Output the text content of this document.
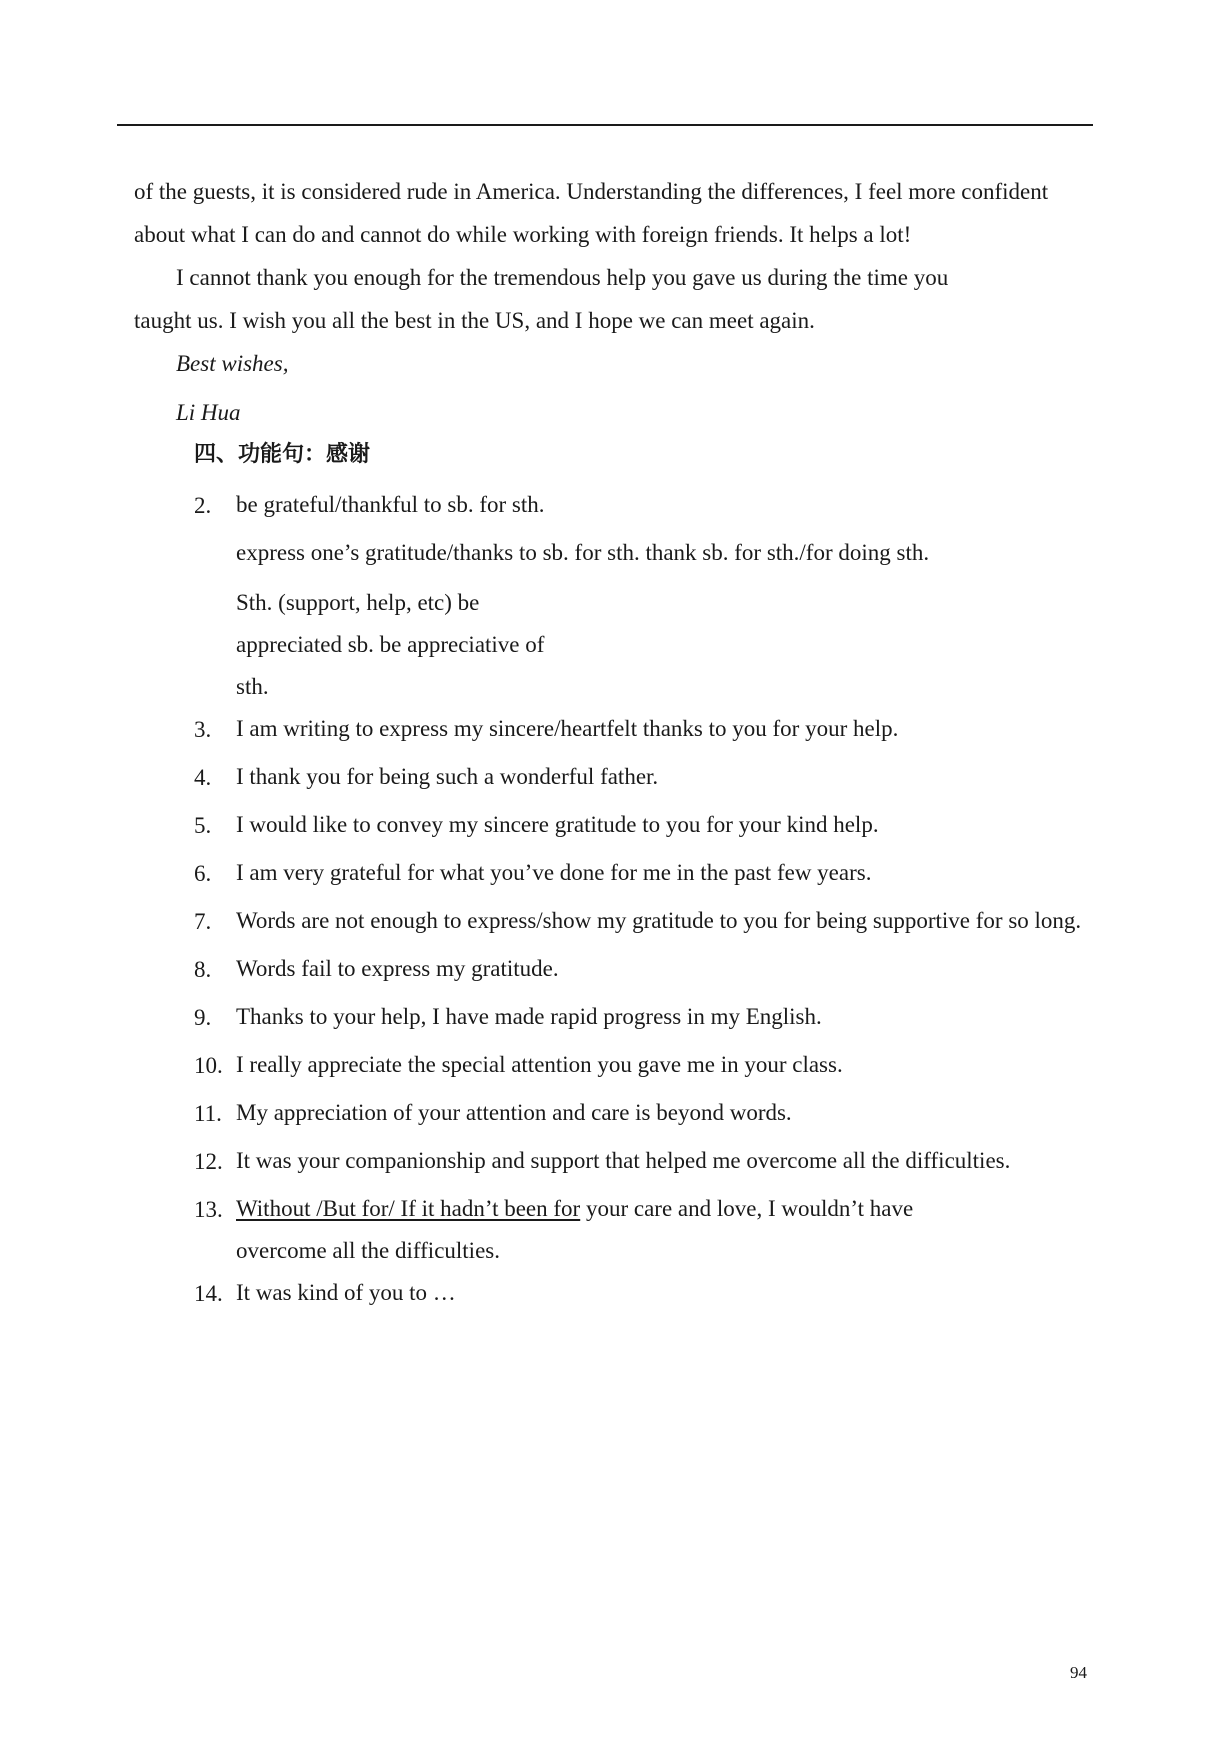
of the guests, it is considered rude in America. Understanding the differences, I feel more confident
about what I can do and cannot do while working with foreign friends. It helps a lot!
I cannot thank you enough for the tremendous help you gave us during the time you
taught us. I wish you all the best in the US, and I hope we can meet again.
Best wishes,
Li Hua
四、功能句：感谢
2. be grateful/thankful to sb. for sth.
express one’s gratitude/thanks to sb. for sth. thank sb. for sth./for doing sth.
Sth. (support, help, etc) be
appreciated sb. be appreciative of
sth.
3. I am writing to express my sincere/heartfelt thanks to you for your help.
4. I thank you for being such a wonderful father.
5. I would like to convey my sincere gratitude to you for your kind help.
6. I am very grateful for what you’ve done for me in the past few years.
7. Words are not enough to express/show my gratitude to you for being supportive for so long.
8. Words fail to express my gratitude.
9. Thanks to your help, I have made rapid progress in my English.
10. I really appreciate the special attention you gave me in your class.
11. My appreciation of your attention and care is beyond words.
12. It was your companionship and support that helped me overcome all the difficulties.
13. Without /But for/ If it hadn’t been for your care and love, I wouldn’t have
overcome all the difficulties.
14. It was kind of you to …
94
